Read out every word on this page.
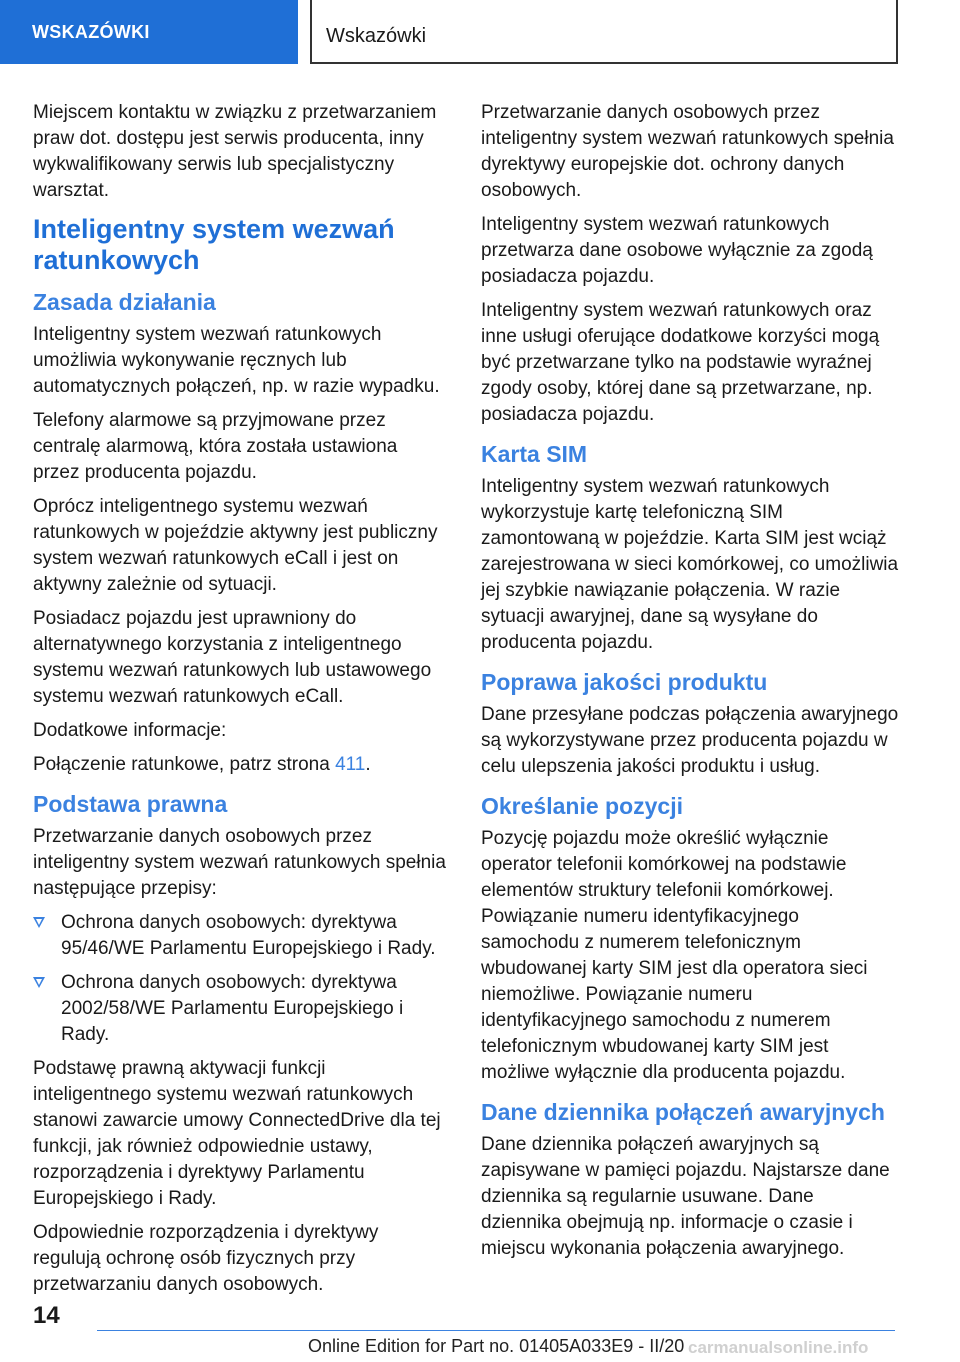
WSKAZÓWKI	Wskazówki

Miejscem kontaktu w związku z przetwarzaniem praw dot. dostępu jest serwis producenta, inny wykwalifikowany serwis lub specjalistyczny warsztat.

Inteligentny system wezwań ratunkowych
Zasada działania

Inteligentny system wezwań ratunkowych umożliwia wykonywanie ręcznych lub automatycznych połączeń, np. w razie wypadku.

Telefony alarmowe są przyjmowane przez centralę alarmową, która została ustawiona przez producenta pojazdu.

Oprócz inteligentnego systemu wezwań ratunkowych w pojeździe aktywny jest publiczny system wezwań ratunkowych eCall i jest on aktywny zależnie od sytuacji.

Posiadacz pojazdu jest uprawniony do alternatywnego korzystania z inteligentnego systemu wezwań ratunkowych lub ustawowego systemu wezwań ratunkowych eCall.

Dodatkowe informacje:

Połączenie ratunkowe, patrz strona 411.

Podstawa prawna

Przetwarzanie danych osobowych przez inteligentny system wezwań ratunkowych spełnia następujące przepisy:

Ochrona danych osobowych: dyrektywa 95/46/WE Parlamentu Europejskiego i Rady.
Ochrona danych osobowych: dyrektywa 2002/58/WE Parlamentu Europejskiego i Rady.

Podstawę prawną aktywacji funkcji inteligentnego systemu wezwań ratunkowych stanowi zawarcie umowy ConnectedDrive dla tej funkcji, jak również odpowiednie ustawy, rozporządzenia i dyrektywy Parlamentu Europejskiego i Rady.

Odpowiednie rozporządzenia i dyrektywy regulują ochronę osób fizycznych przy przetwarzaniu danych osobowych.

Przetwarzanie danych osobowych przez inteligentny system wezwań ratunkowych spełnia dyrektywy europejskie dot. ochrony danych osobowych.

Inteligentny system wezwań ratunkowych przetwarza dane osobowe wyłącznie za zgodą posiadacza pojazdu.

Inteligentny system wezwań ratunkowych oraz inne usługi oferujące dodatkowe korzyści mogą być przetwarzane tylko na podstawie wyraźnej zgody osoby, której dane są przetwarzane, np. posiadacza pojazdu.

Karta SIM

Inteligentny system wezwań ratunkowych wykorzystuje kartę telefoniczną SIM zamontowaną w pojeździe. Karta SIM jest wciąż zarejestrowana w sieci komórkowej, co umożliwia jej szybkie nawiązanie połączenia. W razie sytuacji awaryjnej, dane są wysyłane do producenta pojazdu.

Poprawa jakości produktu

Dane przesyłane podczas połączenia awaryjnego są wykorzystywane przez producenta pojazdu w celu ulepszenia jakości produktu i usług.

Określanie pozycji

Pozycję pojazdu może określić wyłącznie operator telefonii komórkowej na podstawie elementów struktury telefonii komórkowej. Powiązanie numeru identyfikacyjnego samochodu z numerem telefonicznym wbudowanej karty SIM jest dla operatora sieci niemożliwe. Powiązanie numeru identyfikacyjnego samochodu z numerem telefonicznym wbudowanej karty SIM jest możliwe wyłącznie dla producenta pojazdu.

Dane dziennika połączeń awaryjnych

Dane dziennika połączeń awaryjnych są zapisywane w pamięci pojazdu. Najstarsze dane dziennika są regularnie usuwane. Dane dziennika obejmują np. informacje o czasie i miejscu wykonania połączenia awaryjnego.

14
Online Edition for Part no. 01405A033E9 - II/20 carmanualsonline.info
